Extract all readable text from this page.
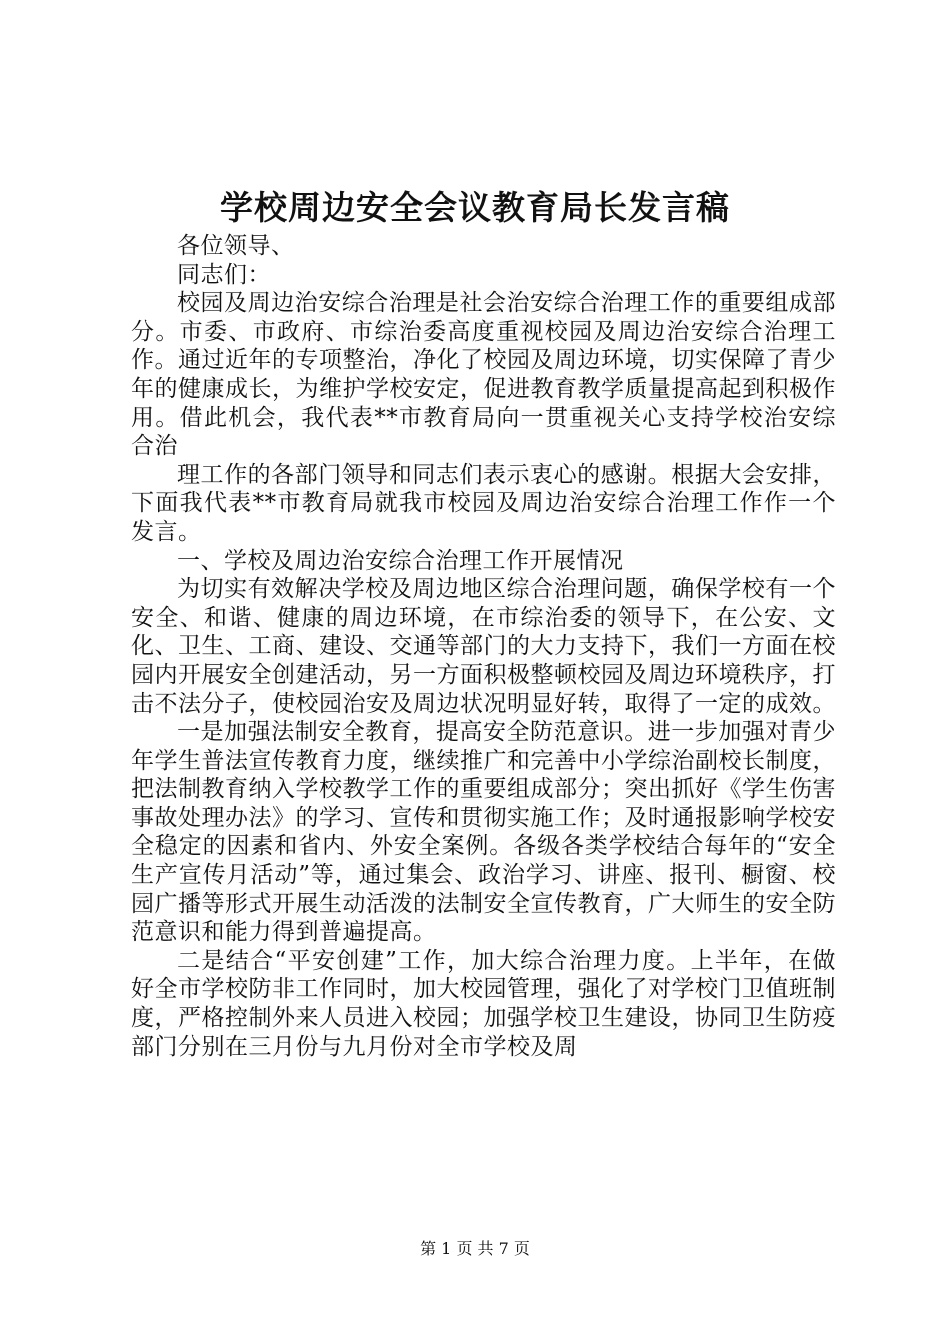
学校周边安全会议教育局长发言稿

各位领导、

同志们：

校园及周边治安综合治理是社会治安综合治理工作的重要组成部分。市委、市政府、市综治委高度重视校园及周边治安综合治理工作。通过近年的专项整治，净化了校园及周边环境，切实保障了青少年的健康成长，为维护学校安定，促进教育教学质量提高起到积极作用。借此机会，我代表**市教育局向一贯重视关心支持学校治安综合治

理工作的各部门领导和同志们表示衷心的感谢。根据大会安排，下面我代表**市教育局就我市校园及周边治安综合治理工作作一个发言。

一、学校及周边治安综合治理工作开展情况

为切实有效解决学校及周边地区综合治理问题，确保学校有一个安全、和谐、健康的周边环境，在市综治委的领导下，在公安、文化、卫生、工商、建设、交通等部门的大力支持下，我们一方面在校园内开展安全创建活动，另一方面积极整顿校园及周边环境秩序，打击不法分子，使校园治安及周边状况明显好转，取得了一定的成效。

一是加强法制安全教育，提高安全防范意识。进一步加强对青少年学生普法宣传教育力度，继续推广和完善中小学综治副校长制度，把法制教育纳入学校教学工作的重要组成部分；突出抓好《学生伤害事故处理办法》的学习、宣传和贯彻实施工作；及时通报影响学校安全稳定的因素和省内、外安全案例。各级各类学校结合每年的“安全生产宣传月活动”等，通过集会、政治学习、讲座、报刊、橱窗、校园广播等形式开展生动活泼的法制安全宣传教育，广大师生的安全防范意识和能力得到普遍提高。

二是结合“平安创建”工作，加大综合治理力度。上半年，在做好全市学校防非工作同时，加大校园管理，强化了对学校门卫值班制度，严格控制外来人员进入校园；加强学校卫生建设，协同卫生防疫部门分别在三月份与九月份对全市学校及周

第 1 页 共 7 页
